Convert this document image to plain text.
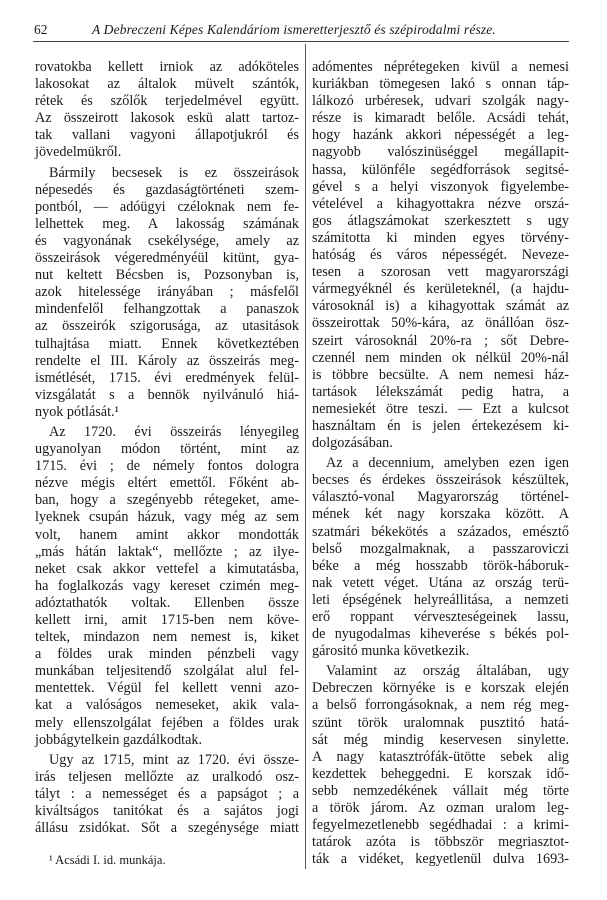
62	A Debreczeni Képes Kalendáriom ismeretterjesztő és szépirodalmi része.
rovatokba kellett irniok az adóköteles
lakosokat az általok müvelt szántók,
rétek és szőlők terjedelmével együtt.
Az összeirott lakosok eskü alatt tartoz-
tak vallani vagyoni állapotjukról és
jövedelmükről.
Bármily becsesek is ez összeirások
népesedés és gazdaságtörténeti szem-
pontból, — adóügyi czéloknak nem fe-
lelhettek meg. A lakosság számának
és vagyonának csekélysége, amely az
összeirások végeredményéül kitünt, gya-
nut keltett Bécsben is, Pozsonyban is,
azok hitelessége irányában ; másfelől
mindenfelől felhangzottak a panaszok
az összeirók szigorusága, az utasitások
tulhajtása miatt. Ennek következtében
rendelte el III. Károly az összeirás meg-
ismétlését, 1715. évi eredmények felül-
vizsgálatát s a bennök nyilvánuló hiá-
nyok pótlását.¹
Az 1720. évi összeirás lényegileg
ugyanolyan módon történt, mint az
1715. évi ; de némely fontos dologra
nézve mégis eltért emettől. Főként ab-
ban, hogy a szegényebb rétegeket, ame-
lyeknek csupán házuk, vagy még az sem
volt, hanem amint akkor mondották
„más hátán laktak“, mellőzte ; az ilye-
neket csak akkor vettefel a kimutatásba,
ha foglalkozás vagy kereset czimén meg-
adóztathatók voltak. Ellenben össze
kellett irni, amit 1715-ben nem köve-
teltek, mindazon nem nemest is, kiket
a földes urak minden pénzbeli vagy
munkában teljesitendő szolgálat alul fel-
mentettek. Végül fel kellett venni azo-
kat a valóságos nemeseket, akik vala-
mely ellenszolgálat fejében a földes urak
jobbágytelkein gazdálkodtak.
Ugy az 1715, mint az 1720. évi össze-
irás teljesen mellőzte az uralkodó osz-
tályt : a nemességet és a papságot ; a
kiváltságos tanitókat és a sajátos jogi
állásu zsidókat. Sőt a szegénysége miatt
adómentes néprétegeken kivül a nemesi
kuriákban tömegesen lakó s onnan táp-
lálkozó urbéresek, udvari szolgák nagy-
része is kimaradt belőle. Acsádi tehát,
hogy hazánk akkori népességét a leg-
nagyobb valószinüséggel megállapit-
hassa, különféle segédforrások segitsé-
gével s a helyi viszonyok figyelembe-
vételével a kihagyottakra nézve orszá-
gos átlagszámokat szerkesztett s ugy
számitotta ki minden egyes törvény-
hatóság és város népességét. Neveze-
tesen a szorosan vett magyarországi
vármegyéknél és kerületeknél, (a hajdu-
városoknál is) a kihagyottak számát az
összeirottak 50%-kára, az önállóan ösz-
szeirt városoknál 20%-ra ; sőt Debre-
czennél nem minden ok nélkül 20%-nál
is többre becsülte. A nem nemesi ház-
tartások lélekszámát pedig hatra, a
nemesiekét ötre teszi. — Ezt a kulcsot
használtam én is jelen értekezésem ki-
dolgozásában.
Az a decennium, amelyben ezen igen
becses és érdekes összeirások készültek,
választó-vonal Magyarország történel-
mének két nagy korszaka között. A
szatmári békekötés a százados, emésztő
belső mozgalmaknak, a passzaroviczi
béke a még hosszabb török-háboruk-
nak vetett véget. Utána az ország terü-
leti épségének helyreállitása, a nemzeti
erő roppant vérveszteségeinek lassu,
de nyugodalmas kiheverése s békés pol-
gárositó munka következik.
Valamint az ország általában, ugy
Debreczen környéke is e korszak elején
a belső forrongásoknak, a nem rég meg-
szünt török uralomnak pusztitó hatá-
sát még mindig keservesen sinylette.
A nagy katasztrófák-ütötte sebek alig
kezdettek beheggedni. E korszak idő-
sebb nemzedékének vállait még törte
a török járom. Az ozman uralom leg-
fegyelmezetlenebb segédhadai : a krimi-
tatárok azóta is többször megriasztot-
ták a vidéket, kegyetlenül dulva 1693-
¹ Acsádi I. id. munkája.
